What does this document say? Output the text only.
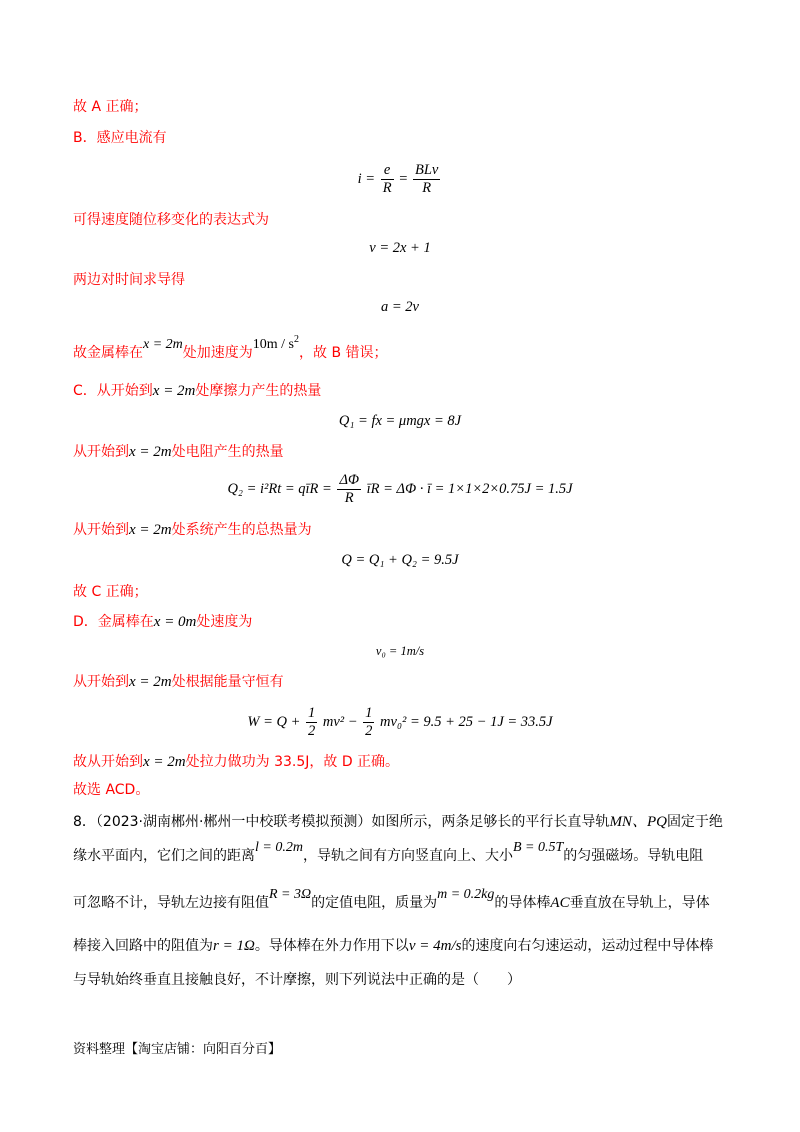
故 A 正确；
B．感应电流有
$i = \frac{e}{R} = \frac{\text{BLv}}{R}$
可得速度随位移变化的表达式为
v = 2x + 1
两边对时间求导得
a = 2v
故金属棒在x = 2m处加速度为$10m / s^2$，故 B 错误；
C．从开始到x = 2m处摩擦力产生的热量
Q₁ = fx = μmgx = 8J
从开始到x = 2m处电阻产生的热量
Q₂ = i²Rt = qīR = $\frac{\Delta\Phi}{R}$ īR = ΔΦ · ī = 1×1×2×0.75J = 1.5J
从开始到x = 2m处系统产生的总热量为
Q = Q₁ + Q₂ = 9.5J
故 C 正确；
D．金属棒在x = 0m处速度为
v₀ = 1m/s
从开始到x = 2m处根据能量守恒有
$W = Q + \frac{1}{2} mv^2 - \frac{1}{2} mv_0^2 = 9.5 + 25 - 1J = 33.5J$
故从开始到x = 2m处拉力做功为 33.5J，故 D 正确。
故选 ACD。
8．（2023·湖南郴州·郴州一中校联考模拟预测）如图所示，两条足够长的平行长直导轨MN、PQ固定于绝
缘水平面内，它们之间的距离l = 0.2m，导轨之间有方向竖直向上、大小B = 0.5T的匀强磁场。导轨电阻
可忽略不计，导轨左边接有阻值R = 3Ω的定值电阻，质量为m = 0.2kg的导体棒AC垂直放在导轨上，导体
棒接入回路中的阻值为r = 1Ω。导体棒在外力作用下以v = 4m/s的速度向右匀速运动，运动过程中导体棒
与导轨始终垂直且接触良好，不计摩擦，则下列说法中正确的是（　　）
资料整理【淘宝店铺：向阳百分百】
